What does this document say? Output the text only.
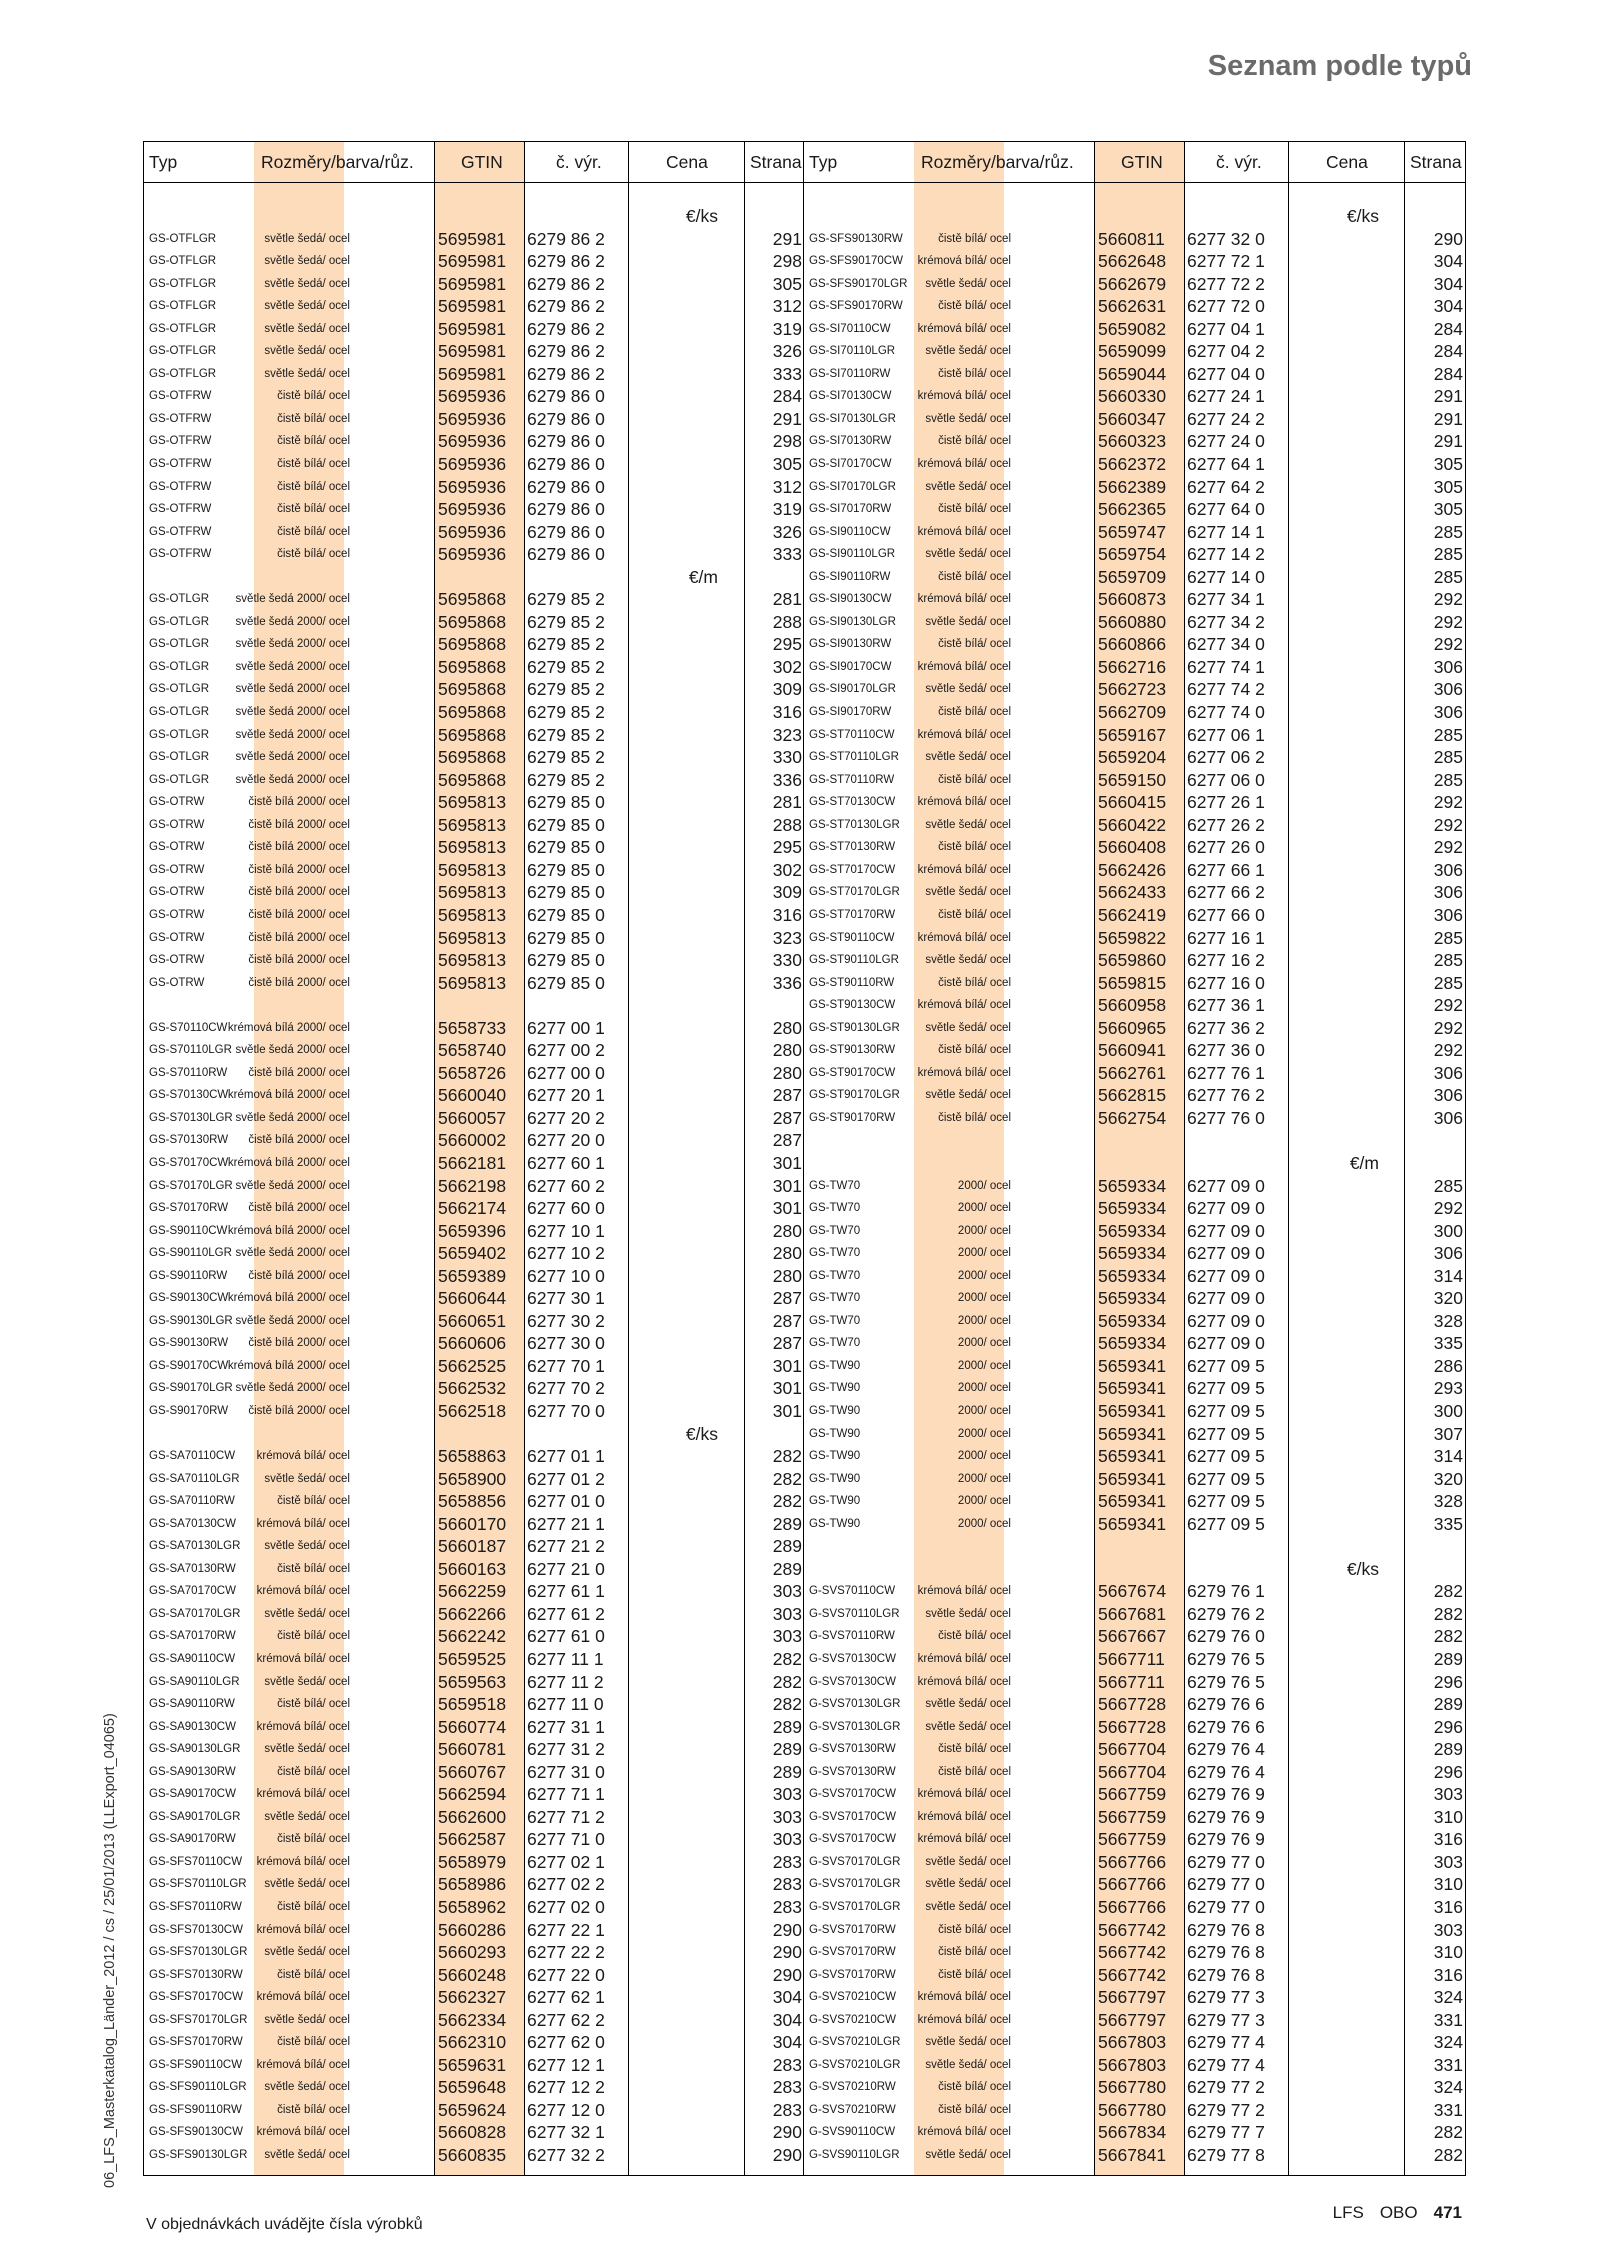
Seznam podle typů
06_LFS_Masterkatalog_Länder_2012 / cs / 25/01/2013 (LLExport_04065)
Typ	Rozměry/barva/růz.	GTIN	č. výr.	Cena Strana
€/ks
GS-OTFLGR	světle šedá/ ocel	5695981 6279 86 2	291
GS-OTFLGR	světle šedá/ ocel	5695981 6279 86 2	298
GS-OTFLGR	světle šedá/ ocel	5695981 6279 86 2	305
GS-OTFLGR	světle šedá/ ocel	5695981 6279 86 2	312
GS-OTFLGR	světle šedá/ ocel	5695981 6279 86 2	319
GS-OTFLGR	světle šedá/ ocel	5695981 6279 86 2	326
GS-OTFLGR	světle šedá/ ocel	5695981 6279 86 2	333
GS-OTFRW	čistě bílá/ ocel	5695936 6279 86 0	284
GS-OTFRW	čistě bílá/ ocel	5695936 6279 86 0	291
GS-OTFRW	čistě bílá/ ocel	5695936 6279 86 0	298
GS-OTFRW	čistě bílá/ ocel	5695936 6279 86 0	305
GS-OTFRW	čistě bílá/ ocel	5695936 6279 86 0	312
GS-OTFRW	čistě bílá/ ocel	5695936 6279 86 0	319
GS-OTFRW	čistě bílá/ ocel	5695936 6279 86 0	326
GS-OTFRW	čistě bílá/ ocel	5695936 6279 86 0	333
€/m
GS-OTLGR světle šedá 2000/ ocel	5695868 6279 85 2	281
GS-OTLGR světle šedá 2000/ ocel	5695868 6279 85 2	288
GS-OTLGR světle šedá 2000/ ocel	5695868 6279 85 2	295
GS-OTLGR světle šedá 2000/ ocel	5695868 6279 85 2	302
GS-OTLGR světle šedá 2000/ ocel	5695868 6279 85 2	309
GS-OTLGR světle šedá 2000/ ocel	5695868 6279 85 2	316
GS-OTLGR světle šedá 2000/ ocel	5695868 6279 85 2	323
GS-OTLGR světle šedá 2000/ ocel	5695868 6279 85 2	330
GS-OTLGR světle šedá 2000/ ocel	5695868 6279 85 2	336
GS-OTRW	čistě bílá 2000/ ocel	5695813 6279 85 0	281
GS-OTRW	čistě bílá 2000/ ocel	5695813 6279 85 0	288
GS-OTRW	čistě bílá 2000/ ocel	5695813 6279 85 0	295
GS-OTRW	čistě bílá 2000/ ocel	5695813 6279 85 0	302
GS-OTRW	čistě bílá 2000/ ocel	5695813 6279 85 0	309
GS-OTRW	čistě bílá 2000/ ocel	5695813 6279 85 0	316
GS-OTRW	čistě bílá 2000/ ocel	5695813 6279 85 0	323
GS-OTRW	čistě bílá 2000/ ocel	5695813 6279 85 0	330
GS-OTRW	čistě bílá 2000/ ocel	5695813 6279 85 0	336
GS-S70110CW krémová bílá 2000/ ocel	5658733 6277 00 1	280
GS-S70110LGR světle šedá 2000/ ocel	5658740 6277 00 2	280
GS-S70110RW čistě bílá 2000/ ocel	5658726 6277 00 0	280
GS-S70130CW krémová bílá 2000/ ocel	5660040 6277 20 1	287
GS-S70130LGR světle šedá 2000/ ocel	5660057 6277 20 2	287
GS-S70130RW čistě bílá 2000/ ocel	5660002 6277 20 0	287
GS-S70170CW krémová bílá 2000/ ocel	5662181 6277 60 1	301
GS-S70170LGR světle šedá 2000/ ocel	5662198 6277 60 2	301
GS-S70170RW čistě bílá 2000/ ocel	5662174 6277 60 0	301
GS-S90110CW krémová bílá 2000/ ocel	5659396 6277 10 1	280
GS-S90110LGR světle šedá 2000/ ocel	5659402 6277 10 2	280
GS-S90110RW čistě bílá 2000/ ocel	5659389 6277 10 0	280
GS-S90130CW krémová bílá 2000/ ocel	5660644 6277 30 1	287
GS-S90130LGR světle šedá 2000/ ocel	5660651 6277 30 2	287
GS-S90130RW čistě bílá 2000/ ocel	5660606 6277 30 0	287
GS-S90170CW krémová bílá 2000/ ocel	5662525 6277 70 1	301
GS-S90170LGR světle šedá 2000/ ocel	5662532 6277 70 2	301
GS-S90170RW čistě bílá 2000/ ocel	5662518 6277 70 0	301
€/ks
GS-SA70110CW krémová bílá/ ocel	5658863 6277 01 1	282
GS-SA70110LGR světle šedá/ ocel	5658900 6277 01 2	282
GS-SA70110RW	čistě bílá/ ocel	5658856 6277 01 0	282
GS-SA70130CW krémová bílá/ ocel	5660170 6277 21 1	289
GS-SA70130LGR světle šedá/ ocel	5660187 6277 21 2	289
GS-SA70130RW	čistě bílá/ ocel	5660163 6277 21 0	289
GS-SA70170CW krémová bílá/ ocel	5662259 6277 61 1	303
GS-SA70170LGR světle šedá/ ocel	5662266 6277 61 2	303
GS-SA70170RW	čistě bílá/ ocel	5662242 6277 61 0	303
GS-SA90110CW krémová bílá/ ocel	5659525 6277 11 1	282
GS-SA90110LGR světle šedá/ ocel	5659563 6277 11 2	282
GS-SA90110RW	čistě bílá/ ocel	5659518 6277 11 0	282
GS-SA90130CW krémová bílá/ ocel	5660774 6277 31 1	289
GS-SA90130LGR světle šedá/ ocel	5660781 6277 31 2	289
GS-SA90130RW	čistě bílá/ ocel	5660767 6277 31 0	289
GS-SA90170CW krémová bílá/ ocel	5662594 6277 71 1	303
GS-SA90170LGR světle šedá/ ocel	5662600 6277 71 2	303
GS-SA90170RW	čistě bílá/ ocel	5662587 6277 71 0	303
GS-SFS70110CW krémová bílá/ ocel	5658979 6277 02 1	283
GS-SFS70110LGR světle šedá/ ocel	5658986 6277 02 2	283
GS-SFS70110RW	čistě bílá/ ocel	5658962 6277 02 0	283
GS-SFS70130CW krémová bílá/ ocel	5660286 6277 22 1	290
GS-SFS70130LGR světle šedá/ ocel	5660293 6277 22 2	290
GS-SFS70130RW	čistě bílá/ ocel	5660248 6277 22 0	290
GS-SFS70170CW krémová bílá/ ocel	5662327 6277 62 1	304
GS-SFS70170LGR světle šedá/ ocel	5662334 6277 62 2	304
GS-SFS70170RW	čistě bílá/ ocel	5662310 6277 62 0	304
GS-SFS90110CW krémová bílá/ ocel	5659631 6277 12 1	283
GS-SFS90110LGR světle šedá/ ocel	5659648 6277 12 2	283
GS-SFS90110RW	čistě bílá/ ocel	5659624 6277 12 0	283
GS-SFS90130CW krémová bílá/ ocel	5660828 6277 32 1	290
GS-SFS90130LGR světle šedá/ ocel	5660835 6277 32 2	290
Typ	Rozměry/barva/růz.	GTIN	č. výr.	Cena Strana
€/ks
GS-SFS90130RW	čistě bílá/ ocel	5660811 6277 32 0	290
GS-SFS90170CW krémová bílá/ ocel	5662648 6277 72 1	304
GS-SFS90170LGR světle šedá/ ocel	5662679 6277 72 2	304
GS-SFS90170RW	čistě bílá/ ocel	5662631 6277 72 0	304
GS-SI70110CW krémová bílá/ ocel	5659082 6277 04 1	284
GS-SI70110LGR	světle šedá/ ocel	5659099 6277 04 2	284
GS-SI70110RW	čistě bílá/ ocel	5659044 6277 04 0	284
GS-SI70130CW krémová bílá/ ocel	5660330 6277 24 1	291
GS-SI70130LGR	světle šedá/ ocel	5660347 6277 24 2	291
GS-SI70130RW	čistě bílá/ ocel	5660323 6277 24 0	291
GS-SI70170CW krémová bílá/ ocel	5662372 6277 64 1	305
GS-SI70170LGR	světle šedá/ ocel	5662389 6277 64 2	305
GS-SI70170RW	čistě bílá/ ocel	5662365 6277 64 0	305
GS-SI90110CW krémová bílá/ ocel	5659747 6277 14 1	285
GS-SI90110LGR	světle šedá/ ocel	5659754 6277 14 2	285
GS-SI90110RW	čistě bílá/ ocel	5659709 6277 14 0	285
GS-SI90130CW krémová bílá/ ocel	5660873 6277 34 1	292
GS-SI90130LGR	světle šedá/ ocel	5660880 6277 34 2	292
GS-SI90130RW	čistě bílá/ ocel	5660866 6277 34 0	292
GS-SI90170CW krémová bílá/ ocel	5662716 6277 74 1	306
GS-SI90170LGR	světle šedá/ ocel	5662723 6277 74 2	306
GS-SI90170RW	čistě bílá/ ocel	5662709 6277 74 0	306
GS-ST70110CW krémová bílá/ ocel	5659167 6277 06 1	285
GS-ST70110LGR světle šedá/ ocel	5659204 6277 06 2	285
GS-ST70110RW	čistě bílá/ ocel	5659150 6277 06 0	285
GS-ST70130CW krémová bílá/ ocel	5660415 6277 26 1	292
GS-ST70130LGR světle šedá/ ocel	5660422 6277 26 2	292
GS-ST70130RW	čistě bílá/ ocel	5660408 6277 26 0	292
GS-ST70170CW krémová bílá/ ocel	5662426 6277 66 1	306
GS-ST70170LGR světle šedá/ ocel	5662433 6277 66 2	306
GS-ST70170RW	čistě bílá/ ocel	5662419 6277 66 0	306
GS-ST90110CW krémová bílá/ ocel	5659822 6277 16 1	285
GS-ST90110LGR světle šedá/ ocel	5659860 6277 16 2	285
GS-ST90110RW	čistě bílá/ ocel	5659815 6277 16 0	285
GS-ST90130CW krémová bílá/ ocel	5660958 6277 36 1	292
GS-ST90130LGR světle šedá/ ocel	5660965 6277 36 2	292
GS-ST90130RW	čistě bílá/ ocel	5660941 6277 36 0	292
GS-ST90170CW krémová bílá/ ocel	5662761 6277 76 1	306
GS-ST90170LGR světle šedá/ ocel	5662815 6277 76 2	306
GS-ST90170RW	čistě bílá/ ocel	5662754 6277 76 0	306
€/m
GS-TW70	2000/ ocel	5659334 6277 09 0	285
GS-TW70	2000/ ocel	5659334 6277 09 0	292
GS-TW70	2000/ ocel	5659334 6277 09 0	300
GS-TW70	2000/ ocel	5659334 6277 09 0	306
GS-TW70	2000/ ocel	5659334 6277 09 0	314
GS-TW70	2000/ ocel	5659334 6277 09 0	320
GS-TW70	2000/ ocel	5659334 6277 09 0	328
GS-TW70	2000/ ocel	5659334 6277 09 0	335
GS-TW90	2000/ ocel	5659341 6277 09 5	286
GS-TW90	2000/ ocel	5659341 6277 09 5	293
GS-TW90	2000/ ocel	5659341 6277 09 5	300
GS-TW90	2000/ ocel	5659341 6277 09 5	307
GS-TW90	2000/ ocel	5659341 6277 09 5	314
GS-TW90	2000/ ocel	5659341 6277 09 5	320
GS-TW90	2000/ ocel	5659341 6277 09 5	328
GS-TW90	2000/ ocel	5659341 6277 09 5	335
€/ks
G-SVS70110CW krémová bílá/ ocel	5667674 6279 76 1	282
G-SVS70110LGR světle šedá/ ocel	5667681 6279 76 2	282
G-SVS70110RW	čistě bílá/ ocel	5667667 6279 76 0	282
G-SVS70130CW krémová bílá/ ocel	5667711 6279 76 5	289
G-SVS70130CW krémová bílá/ ocel	5667711 6279 76 5	296
G-SVS70130LGR světle šedá/ ocel	5667728 6279 76 6	289
G-SVS70130LGR světle šedá/ ocel	5667728 6279 76 6	296
G-SVS70130RW	čistě bílá/ ocel	5667704 6279 76 4	289
G-SVS70130RW	čistě bílá/ ocel	5667704 6279 76 4	296
G-SVS70170CW krémová bílá/ ocel	5667759 6279 76 9	303
G-SVS70170CW krémová bílá/ ocel	5667759 6279 76 9	310
G-SVS70170CW krémová bílá/ ocel	5667759 6279 76 9	316
G-SVS70170LGR světle šedá/ ocel	5667766 6279 77 0	303
G-SVS70170LGR světle šedá/ ocel	5667766 6279 77 0	310
G-SVS70170LGR světle šedá/ ocel	5667766 6279 77 0	316
G-SVS70170RW	čistě bílá/ ocel	5667742 6279 76 8	303
G-SVS70170RW	čistě bílá/ ocel	5667742 6279 76 8	310
G-SVS70170RW	čistě bílá/ ocel	5667742 6279 76 8	316
G-SVS70210CW krémová bílá/ ocel	5667797 6279 77 3	324
G-SVS70210CW krémová bílá/ ocel	5667797 6279 77 3	331
G-SVS70210LGR světle šedá/ ocel	5667803 6279 77 4	324
G-SVS70210LGR světle šedá/ ocel	5667803 6279 77 4	331
G-SVS70210RW	čistě bílá/ ocel	5667780 6279 77 2	324
G-SVS70210RW	čistě bílá/ ocel	5667780 6279 77 2	331
G-SVS90110CW krémová bílá/ ocel	5667834 6279 77 7	282
G-SVS90110LGR světle šedá/ ocel	5667841 6279 77 8	282
V objednávkách uvádějte čísla výrobků
LFS OBO 471
